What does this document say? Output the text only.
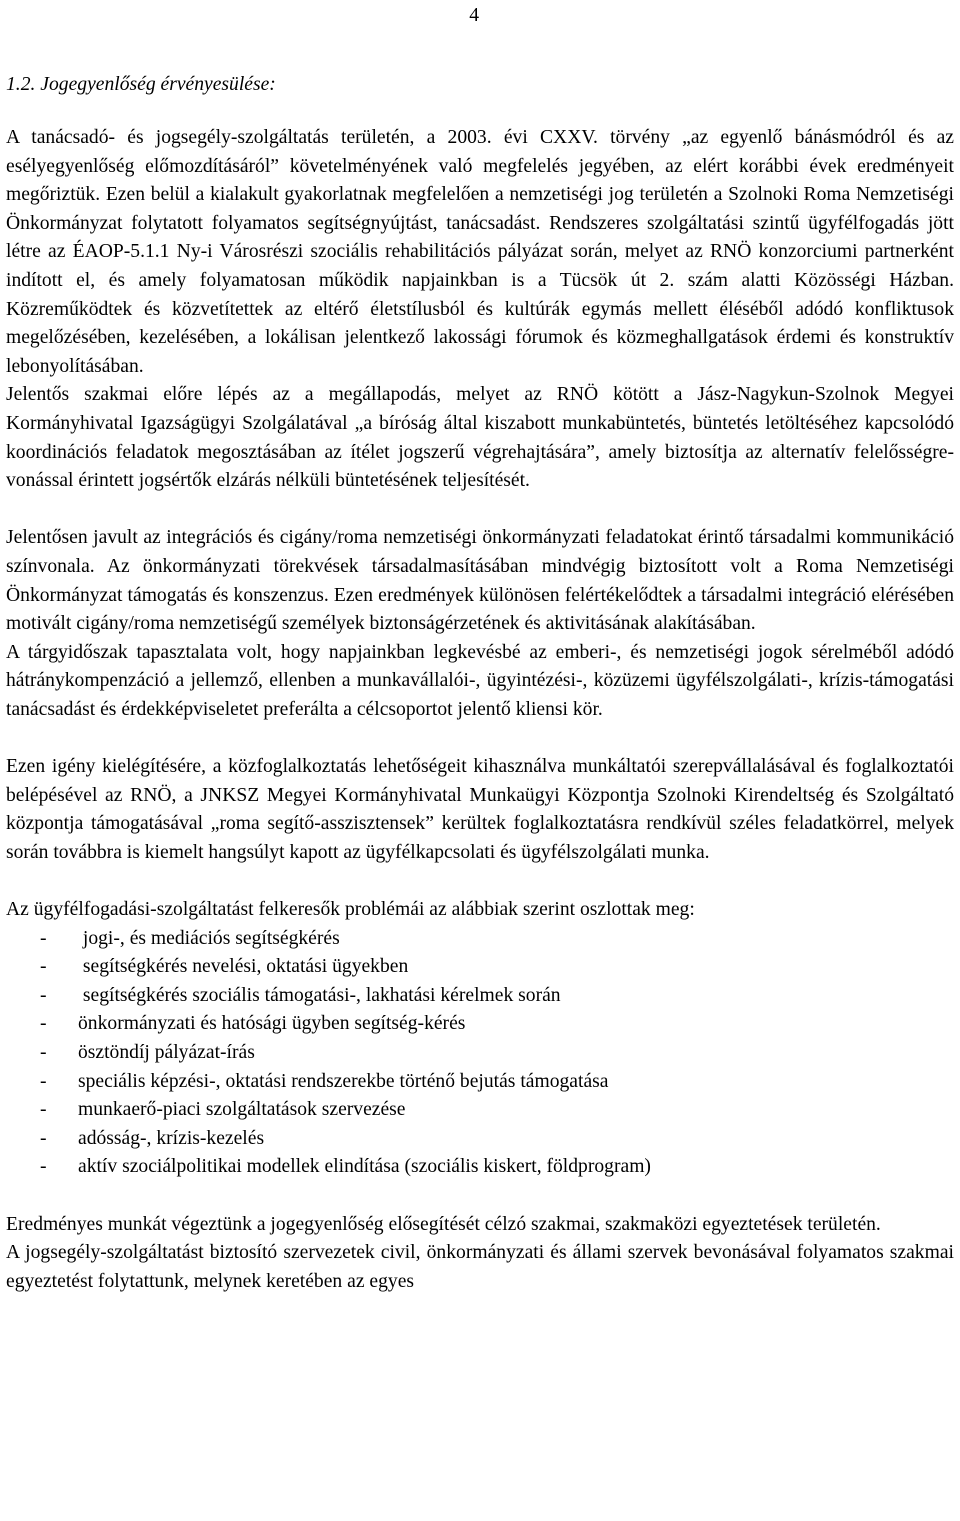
4
1.2. Jogegyenlőség érvényesülése:

A tanácsadó- és jogsegély-szolgáltatás területén, a 2003. évi CXXV. törvény „az egyenlő bánásmódról és az esélyegyenlőség előmozdításáról” követelményének való megfelelés jegyében, az elért korábbi évek eredményeit megőriztük. Ezen belül a kialakult gyakorlatnak megfelelően a nemzetiségi jog területén a Szolnoki Roma Nemzetiségi Önkormányzat folytatott folyamatos segítségnyújtást, tanácsadást. Rendszeres szolgáltatási szintű ügyfélfogadás jött létre az ÉAOP-5.1.1 Ny-i Városrészi szociális rehabilitációs pályázat során, melyet az RNÖ konzorciumi partnerként indított el, és amely folyamatosan működik napjainkban is a Tücsök út 2. szám alatti Közösségi Házban. Közreműködtek és közvetítettek az eltérő életstílusból és kultúrák egymás mellett éléséből adódó konfliktusok megelőzésében, kezelésében, a lokálisan jelentkező lakossági fórumok és közmeghallgatások érdemi és konstruktív lebonyolításában.

Jelentős szakmai előre lépés az a megállapodás, melyet az RNÖ kötött a Jász-Nagykun-Szolnok Megyei Kormányhivatal Igazságügyi Szolgálatával „a bíróság által kiszabott munkabüntetés, büntetés letöltéséhez kapcsolódó koordinációs feladatok megosztásában az ítélet jogszerű végrehajtására”, amely biztosítja az alternatív felelősségre-vonással érintett jogsértők elzárás nélküli büntetésének teljesítését.

Jelentősen javult az integrációs és cigány/roma nemzetiségi önkormányzati feladatokat érintő társadalmi kommunikáció színvonala. Az önkormányzati törekvések társadalmasításában mindvégig biztosított volt a Roma Nemzetiségi Önkormányzat támogatás és konszenzus. Ezen eredmények különösen felértékelődtek a társadalmi integráció elérésében motivált cigány/roma nemzetiségű személyek biztonságérzetének és aktivitásának alakításában.

A tárgyidőszak tapasztalata volt, hogy napjainkban legkevésbé az emberi-, és nemzetiségi jogok sérelméből adódó hátránykompenzáció a jellemző, ellenben a munkavállalói-, ügyintézési-, közüzemi ügyfélszolgálati-, krízis-támogatási tanácsadást és érdekképviseletet preferálta a célcsoportot jelentő kliensi kör.

Ezen igény kielégítésére, a közfoglalkoztatás lehetőségeit kihasználva munkáltatói szerepvállalásával és foglalkoztatói belépésével az RNÖ, a JNKSZ Megyei Kormányhivatal Munkaügyi Központja Szolnoki Kirendeltség és Szolgáltató központja támogatásával „roma segítő-asszisztensek” kerültek foglalkoztatásra rendkívül széles feladatkörrel, melyek során továbbra is kiemelt hangsúlyt kapott az ügyfélkapcsolati és ügyfélszolgálati munka.

Az ügyfélfogadási-szolgáltatást felkeresők problémái az alábbiak szerint oszlottak meg:

-	jogi-, és mediációs segítségkérés
-	segítségkérés nevelési, oktatási ügyekben
-	segítségkérés szociális támogatási-, lakhatási kérelmek során
-	önkormányzati és hatósági ügyben segítség-kérés
-	ösztöndíj pályázat-írás
-	speciális képzési-, oktatási rendszerekbe történő bejutás támogatása
-	munkaerő-piaci szolgáltatások szervezése
-	adósság-, krízis-kezelés
-	aktív szociálpolitikai modellek elindítása (szociális kiskert, földprogram)

Eredményes munkát végeztünk a jogegyenlőség elősegítését célzó szakmai, szakmaközi egyeztetések területén.

A jogsegély-szolgáltatást biztosító szervezetek civil, önkormányzati és állami szervek bevonásával folyamatos szakmai egyeztetést folytattunk, melynek keretében az egyes
